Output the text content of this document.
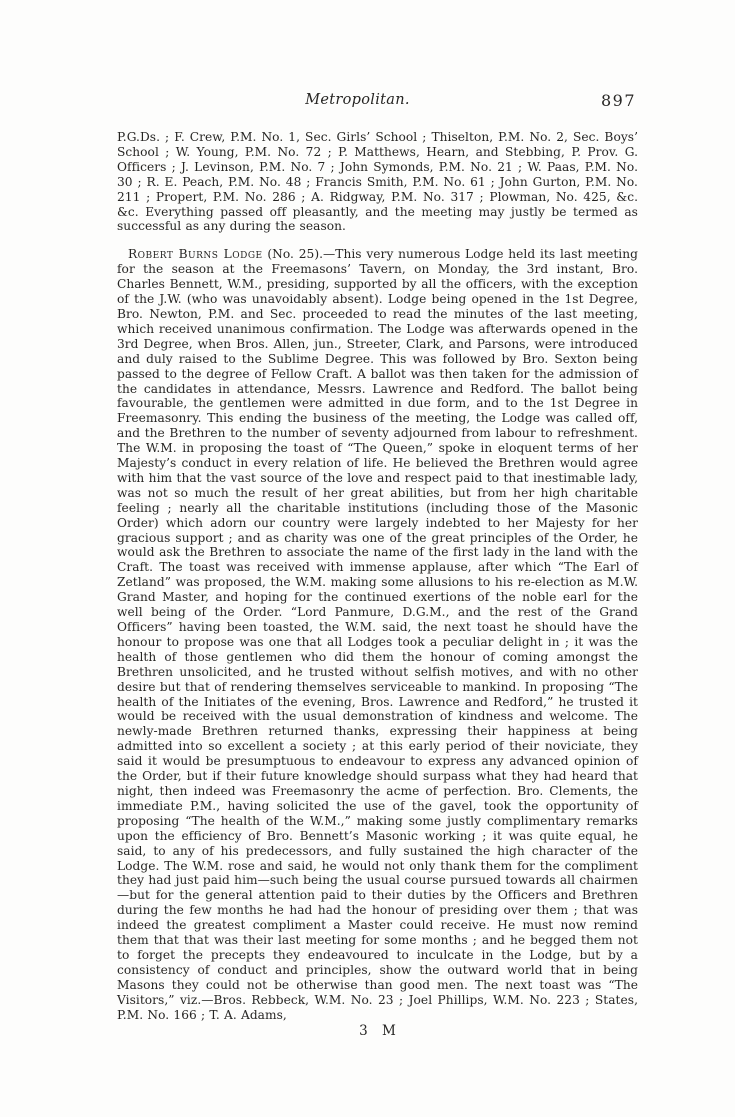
Metropolitan.	897

P.G.Ds. ; F. Crew, P.M. No. 1, Sec. Girls’ School ; Thiselton, P.M. No. 2, Sec. Boys’ School ; W. Young, P.M. No. 72 ; P. Matthews, Hearn, and Stebbing, P. Prov. G. Officers ; J. Levinson, P.M. No. 7 ; John Symonds, P.M. No. 21 ; W. Paas, P.M. No. 30 ; R. E. Peach, P.M. No. 48 ; Francis Smith, P.M. No. 61 ; John Gurton, P.M. No. 211 ; Propert, P.M. No. 286 ; A. Ridgway, P.M. No. 317 ; Plowman, No. 425, &c. &c. Everything passed off pleasantly, and the meeting may justly be termed as successful as any during the season.

Robert Burns Lodge (No. 25).—This very numerous Lodge held its last meeting for the season at the Freemasons’ Tavern, on Monday, the 3rd instant, Bro. Charles Bennett, W.M., presiding, supported by all the officers, with the exception of the J.W. (who was unavoidably absent). Lodge being opened in the 1st Degree, Bro. Newton, P.M. and Sec. proceeded to read the minutes of the last meeting, which received unanimous confirmation. The Lodge was afterwards opened in the 3rd Degree, when Bros. Allen, jun., Streeter, Clark, and Parsons, were introduced and duly raised to the Sublime Degree. This was followed by Bro. Sexton being passed to the degree of Fellow Craft. A ballot was then taken for the admission of the candidates in attendance, Messrs. Lawrence and Redford. The ballot being favourable, the gentlemen were admitted in due form, and to the 1st Degree in Freemasonry. This ending the business of the meeting, the Lodge was called off, and the Brethren to the number of seventy adjourned from labour to refreshment. The W.M. in proposing the toast of “The Queen,” spoke in eloquent terms of her Majesty’s conduct in every relation of life. He believed the Brethren would agree with him that the vast source of the love and respect paid to that inestimable lady, was not so much the result of her great abilities, but from her high charitable feeling ; nearly all the charitable institutions (including those of the Masonic Order) which adorn our country were largely indebted to her Majesty for her gracious support ; and as charity was one of the great principles of the Order, he would ask the Brethren to associate the name of the first lady in the land with the Craft. The toast was received with immense applause, after which “The Earl of Zetland” was proposed, the W.M. making some allusions to his re-election as M.W. Grand Master, and hoping for the continued exertions of the noble earl for the well being of the Order. “Lord Panmure, D.G.M., and the rest of the Grand Officers” having been toasted, the W.M. said, the next toast he should have the honour to propose was one that all Lodges took a peculiar delight in ; it was the health of those gentlemen who did them the honour of coming amongst the Brethren unsolicited, and he trusted without selfish motives, and with no other desire but that of rendering themselves serviceable to mankind. In proposing “The health of the Initiates of the evening, Bros. Lawrence and Redford,” he trusted it would be received with the usual demonstration of kindness and welcome. The newly-made Brethren returned thanks, expressing their happiness at being admitted into so excellent a society ; at this early period of their noviciate, they said it would be presumptuous to endeavour to express any advanced opinion of the Order, but if their future knowledge should surpass what they had heard that night, then indeed was Freemasonry the acme of perfection. Bro. Clements, the immediate P.M., having solicited the use of the gavel, took the opportunity of proposing “The health of the W.M.,” making some justly complimentary remarks upon the efficiency of Bro. Bennett’s Masonic working ; it was quite equal, he said, to any of his predecessors, and fully sustained the high character of the Lodge. The W.M. rose and said, he would not only thank them for the compliment they had just paid him—such being the usual course pursued towards all chairmen—but for the general attention paid to their duties by the Officers and Brethren during the few months he had had the honour of presiding over them ; that was indeed the greatest compliment a Master could receive. He must now remind them that that was their last meeting for some months ; and he begged them not to forget the precepts they endeavoured to inculcate in the Lodge, but by a consistency of conduct and principles, show the outward world that in being Masons they could not be otherwise than good men. The next toast was “The Visitors,” viz.—Bros. Rebbeck, W.M. No. 23 ; Joel Phillips, W.M. No. 223 ; States, P.M. No. 166 ; T. A. Adams,

3 M
